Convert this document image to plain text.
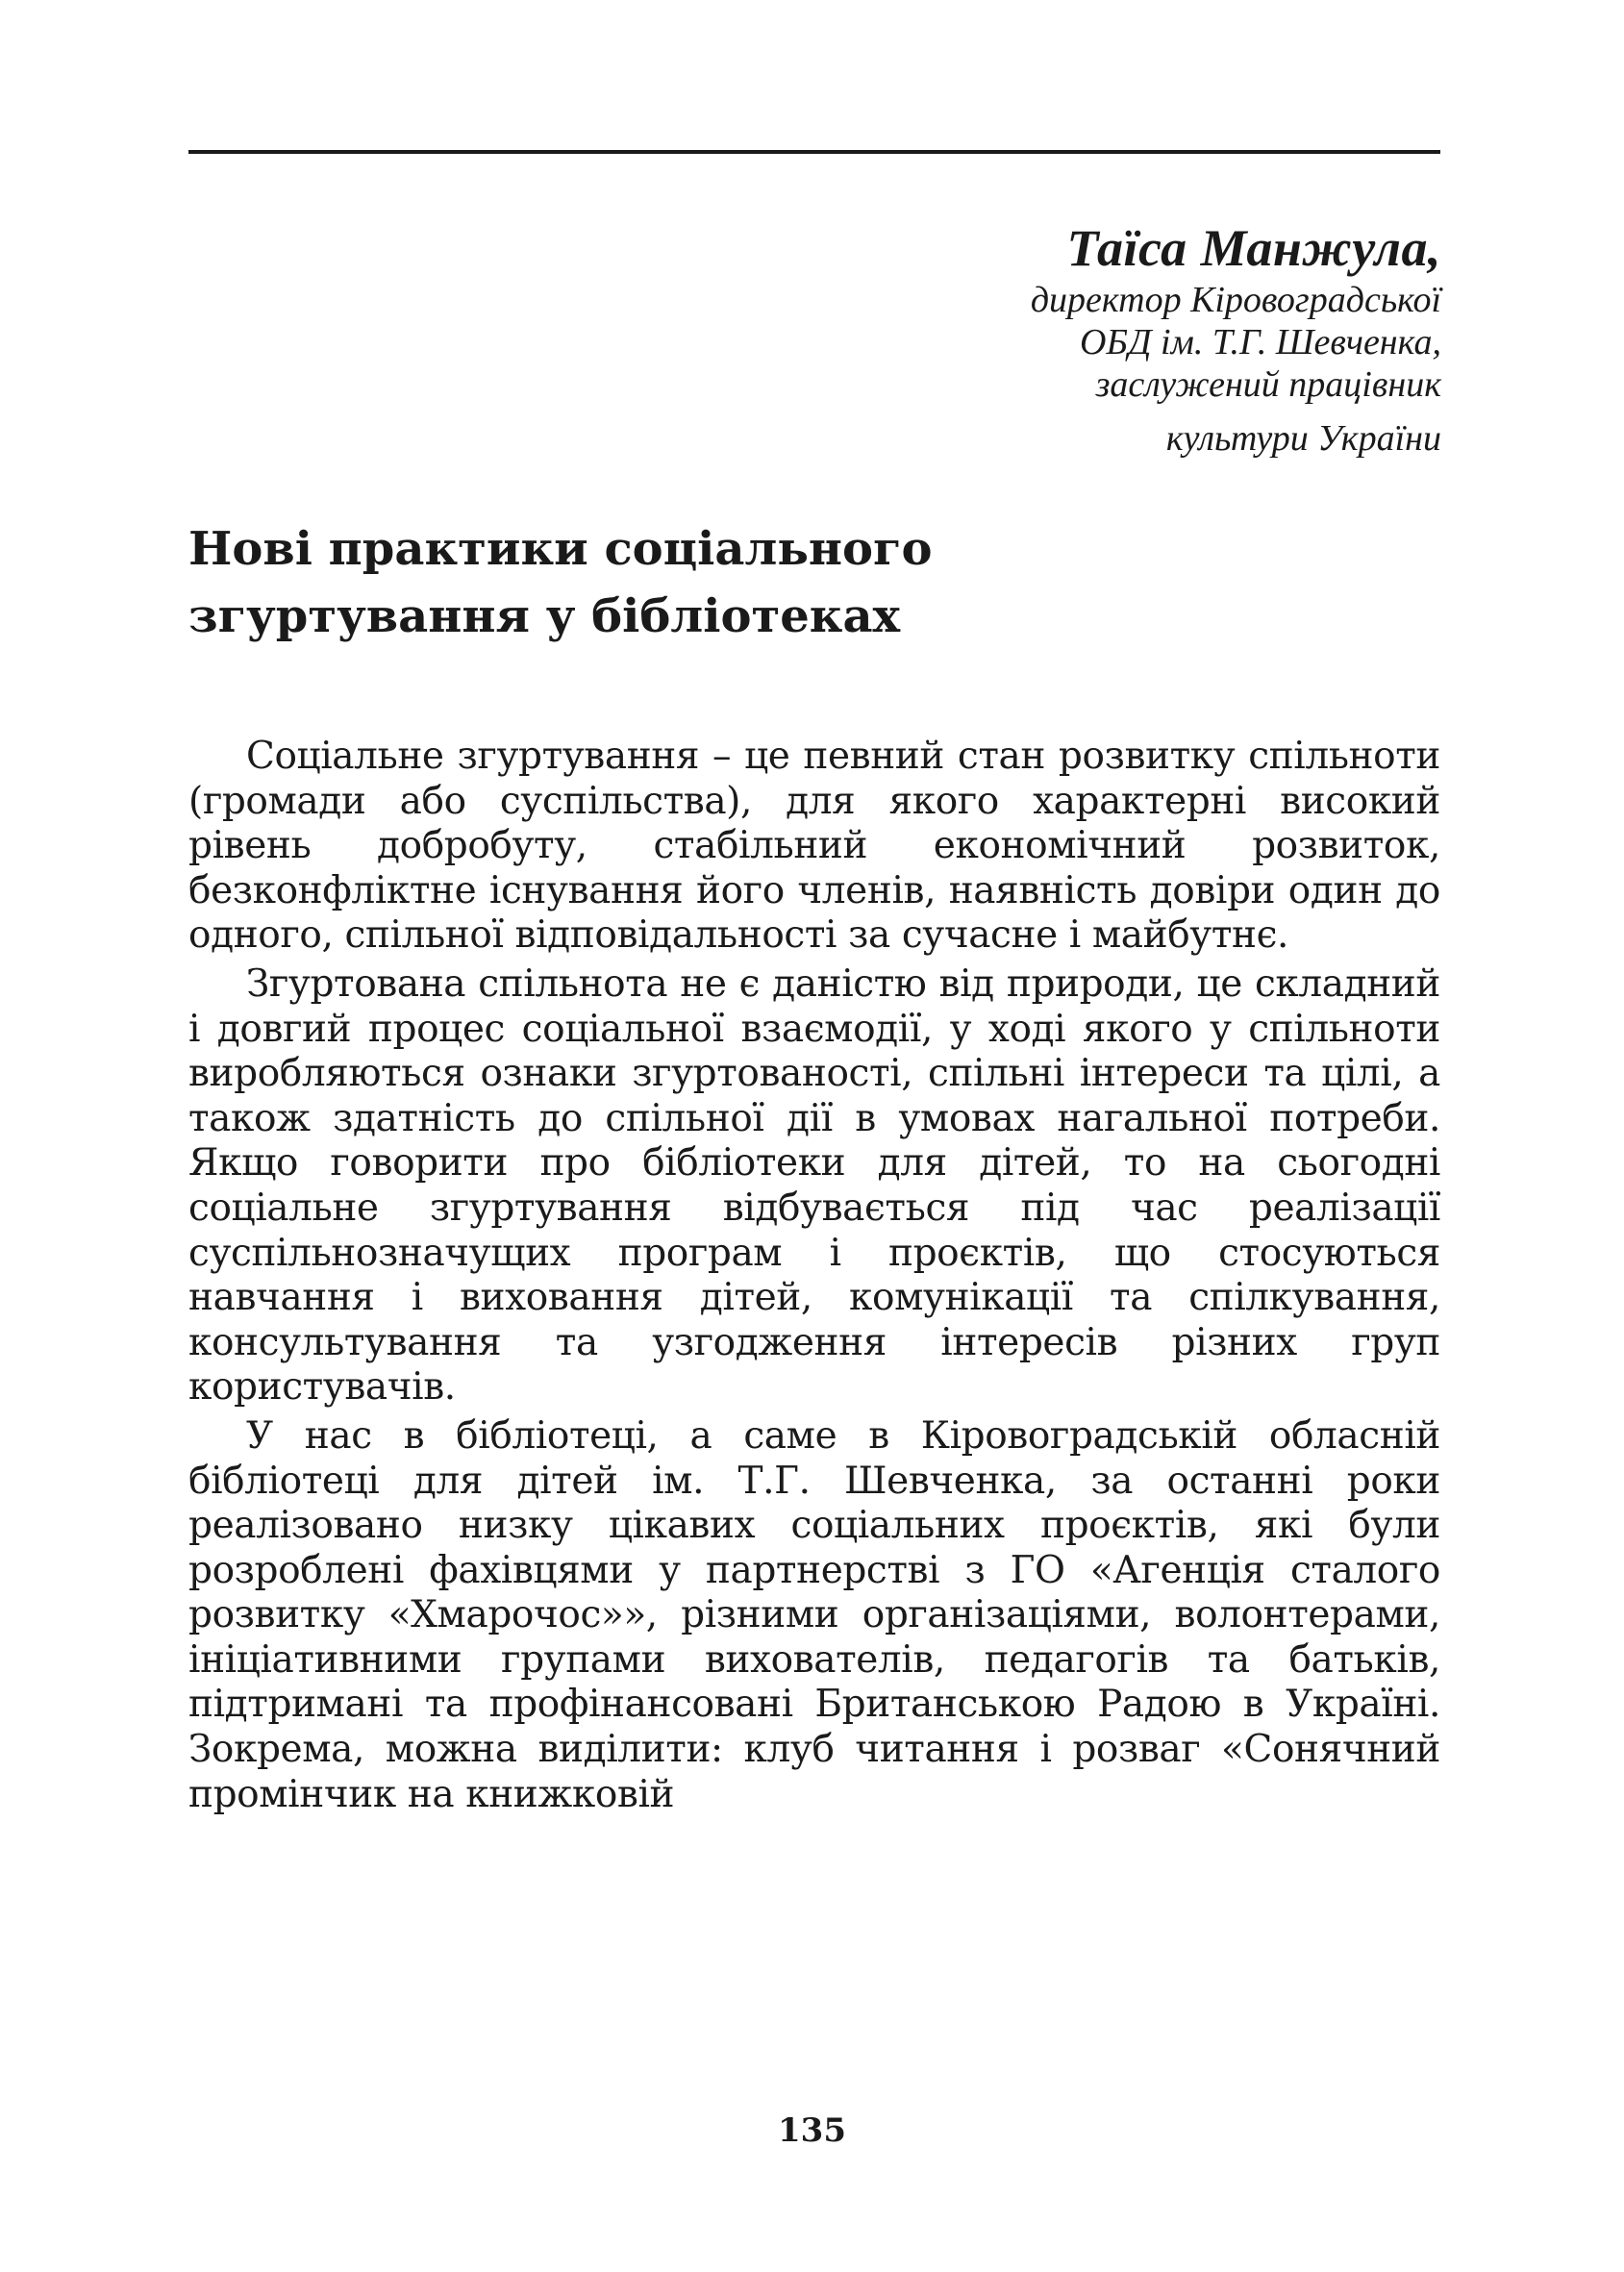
Таїса Манжула,
директор Кіровоградської
ОБД ім. Т.Г. Шевченка,
заслужений працівник
культури України
Нові практики соціального
згуртування у бібліотеках

Соціальне згуртування – це певний стан розвитку спільноти (громади або суспільства), для якого характерні високий рівень добробуту, стабільний економічний розвиток, безконфліктне існування його членів, наявність довіри один до одного, спільної відповідальності за сучасне і майбутнє.

Згуртована спільнота не є даністю від природи, це складний і довгий процес соціальної взаємодії, у ході якого у спільноти виробляються ознаки згуртованості, спільні інтереси та цілі, а також здатність до спільної дії в умовах нагальної потреби. Якщо говорити про бібліотеки для дітей, то на сьогодні соціальне згуртування відбувається під час реалізації суспільнозначущих програм і проєктів, що стосуються навчання і виховання дітей, комунікації та спілкування, консультування та узгодження інтересів різних груп користувачів.

У нас в бібліотеці, а саме в Кіровоградській обласній бібліотеці для дітей ім. Т.Г. Шевченка, за останні роки реалізовано низку цікавих соціальних проєктів, які були розроблені фахівцями у партнерстві з ГО «Агенція сталого розвитку «Хмарочос»», різними організаціями, волонтерами, ініціативними групами вихователів, педагогів та батьків, підтримані та профінансовані Британською Радою в Україні. Зокрема, можна виділити: клуб читання і розваг «Сонячний промінчик на книжковій

135
